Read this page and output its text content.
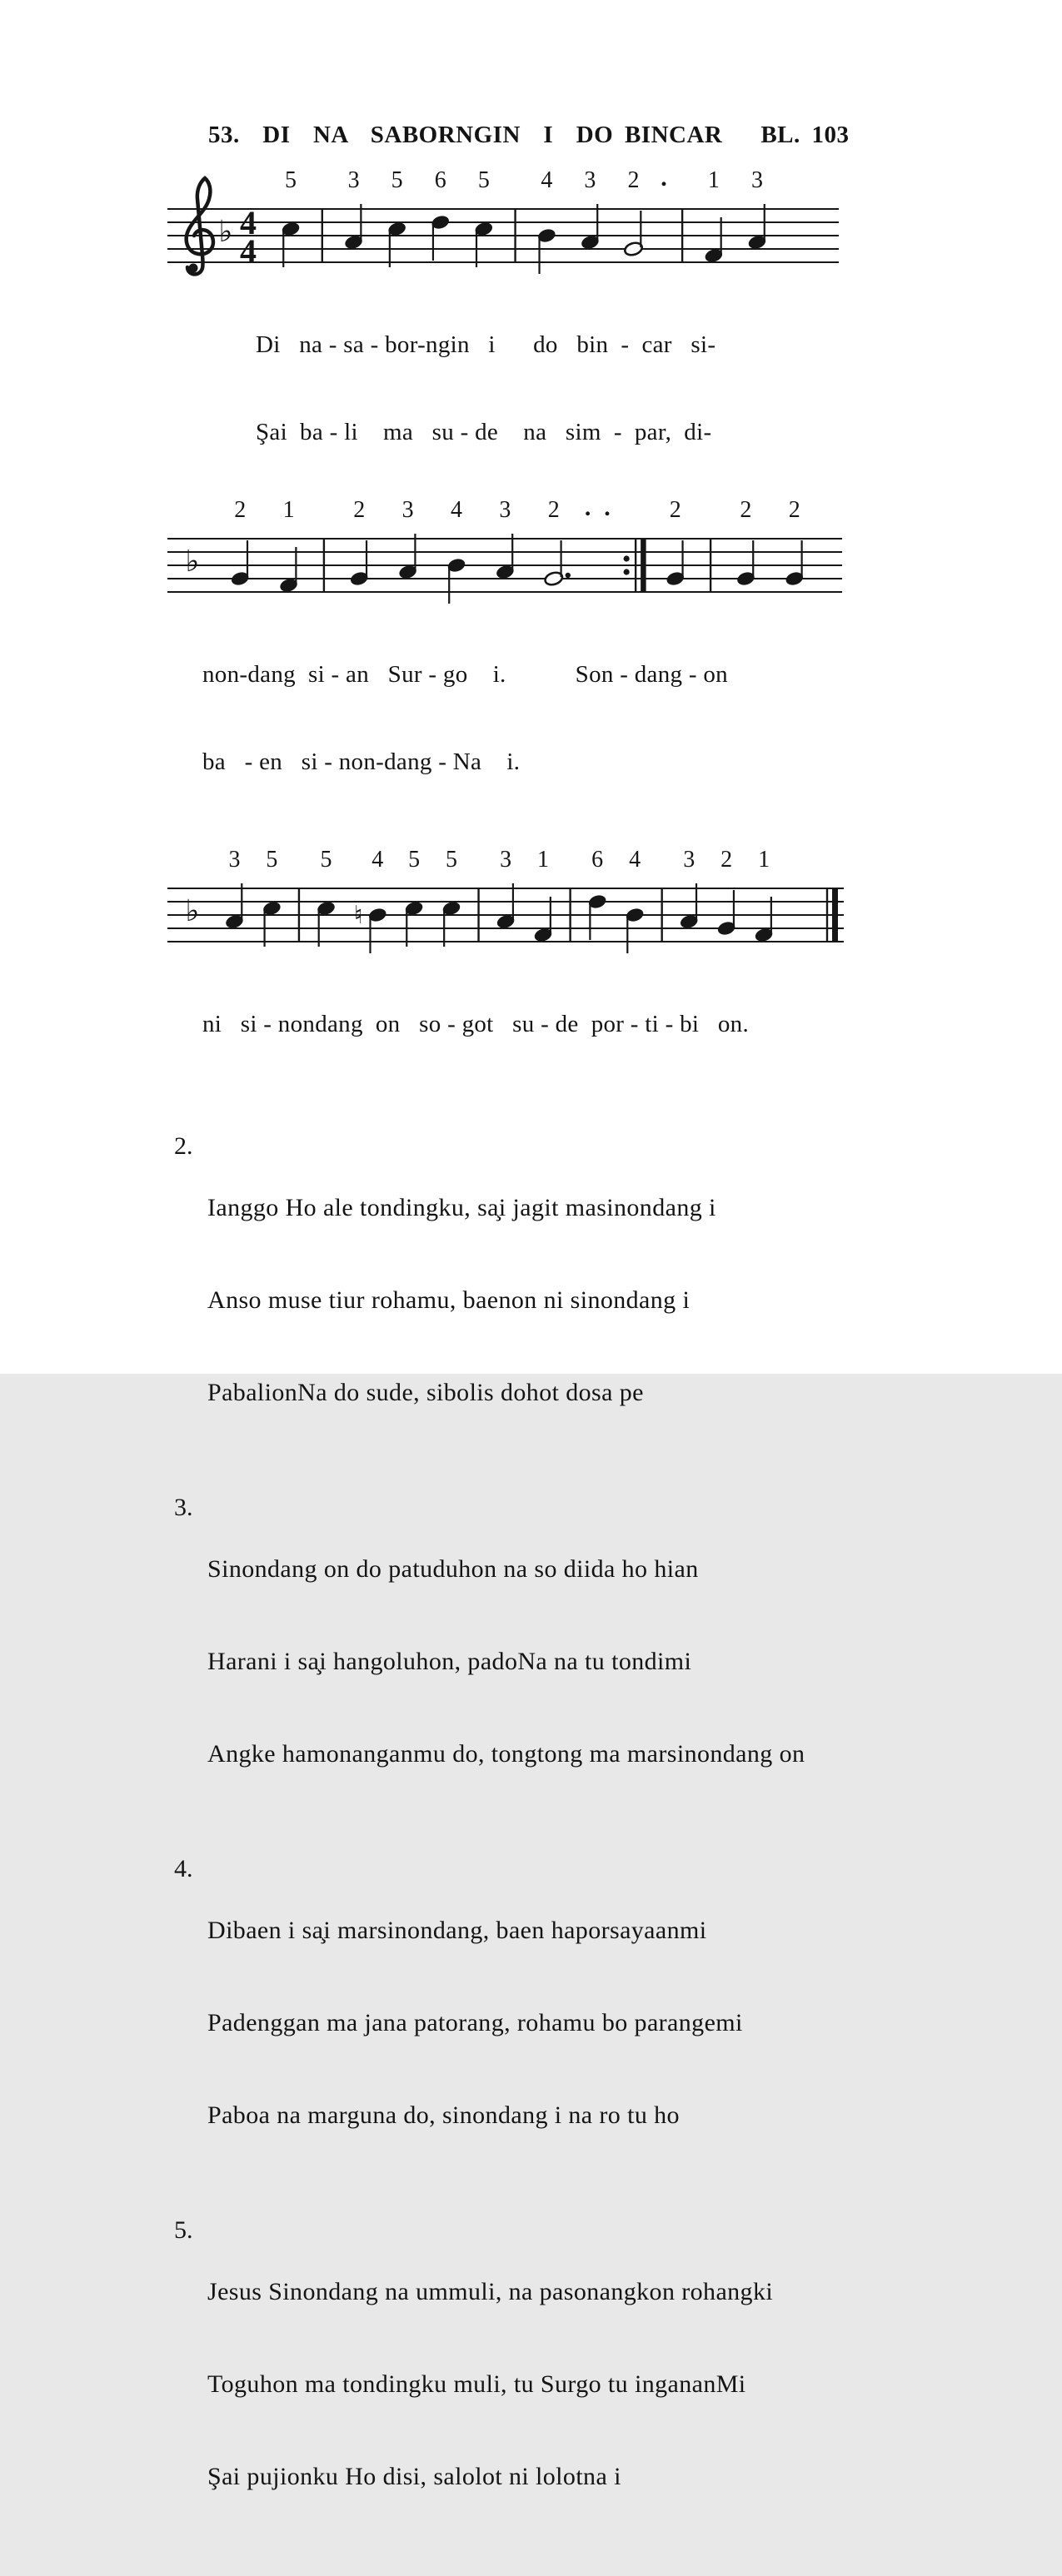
53.  DI  NA  SABORNGIN  I  DO BINCAR BL. 103
♭ 4
4
5 3 5 6 5 4 3 2 . 1 3

Di   na - sa - bor-ngin   i      do   bin  -  car   si-

Şai  ba - li    ma   su - de    na   sim  -  par,  di-

♭
2 1	2 3 4 3 2 . .	2	2 2

non-dang  si - an   Sur - go    i.           Son - dang - on

ba   - en   si - non-dang - Na    i.

♭
3 5 5
♮
4 5 5 3 1 6 4 3 2 1

ni   si - nondang  on   so - got   su - de  por - ti - bi   on.

2.

Ianggo Ho ale tondingku, sa̧i jagit masinondang i

Anso muse tiur rohamu, baenon ni sinondang i

PabalionNa do sude, sibolis dohot dosa pe

3.

Sinondang on do patuduhon na so diida ho hian

Harani i sa̧i hangoluhon, padoNa na tu tondimi

Angke hamonanganmu do, tongtong ma marsinondang on

4.

Dibaen i sa̧i marsinondang, baen haporsayaanmi

Padenggan ma jana patorang, rohamu bo parangemi

Paboa na marguna do, sinondang i na ro tu ho

5.

Jesus Sinondang na ummuli, na pasonangkon rohangki

Toguhon ma tondingku muli, tu Surgo tu ingananMi

Şai pujionku Ho disi, salolot ni lolotna i
